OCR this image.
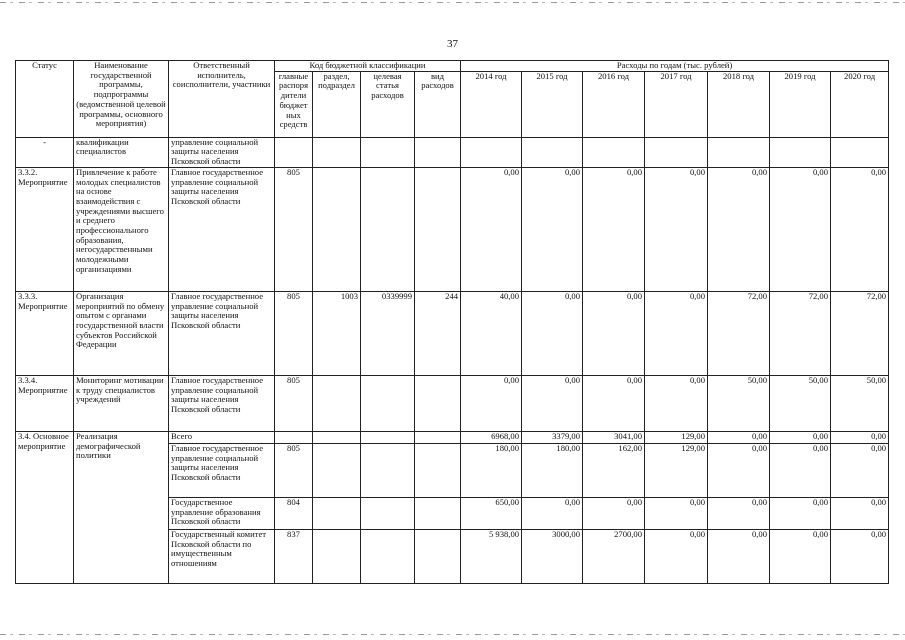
37
Статус	Наименование государственной программы, подпрограммы (ведомственной целевой программы, основного мероприятия)	Ответственный исполнитель, соисполнители, участники	Код бюджетной классификации				Расходы по годам (тыс. рублей)						
			главные распоря дители бюджет ных средств	раздел, подраздел	целевая статья расходов	вид расходов	2014 год	2015 год	2016 год	2017 год	2018 год	2019 год	2020 год
-	квалификации специалистов	управление социальной защиты населения Псковской области											
3.3.2. Мероприятие	Привлечение к работе молодых специалистов на основе взаимодействия с учреждениями высшего и среднего профессионального образования, негосударственными молодежными организациями	Главное государственное управление социальной защиты населения Псковской области	805				0,00	0,00	0,00	0,00	0,00	0,00	0,00
3.3.3. Мероприятие	Организация мероприятий по обмену опытом с органами государственной власти субъектов Российской Федерации	Главное государственное управление социальной защиты населения Псковской области	805	1003	0339999	244	40,00	0,00	0,00	0,00	72,00	72,00	72,00
3.3.4. Мероприятие	Мониторинг мотивации к труду специалистов учреждений	Главное государственное управление социальной защиты населения Псковской области	805				0,00	0,00	0,00	0,00	50,00	50,00	50,00
3.4. Основное мероприятие	Реализация демографической политики	Всего					6968,00	3379,00	3041,00	129,00	0,00	0,00	0,00
		Главное государственное управление социальной защиты населения Псковской области	805				180,00	180,00	162,00	129,00	0,00	0,00	0,00
		Государственное управление образования Псковской области	804				650,00	0,00	0,00	0,00	0,00	0,00	0,00
		Государственный комитет Псковской области по имущественным отношениям	837				5 938,00	3000,00	2700,00	0,00	0,00	0,00	0,00
